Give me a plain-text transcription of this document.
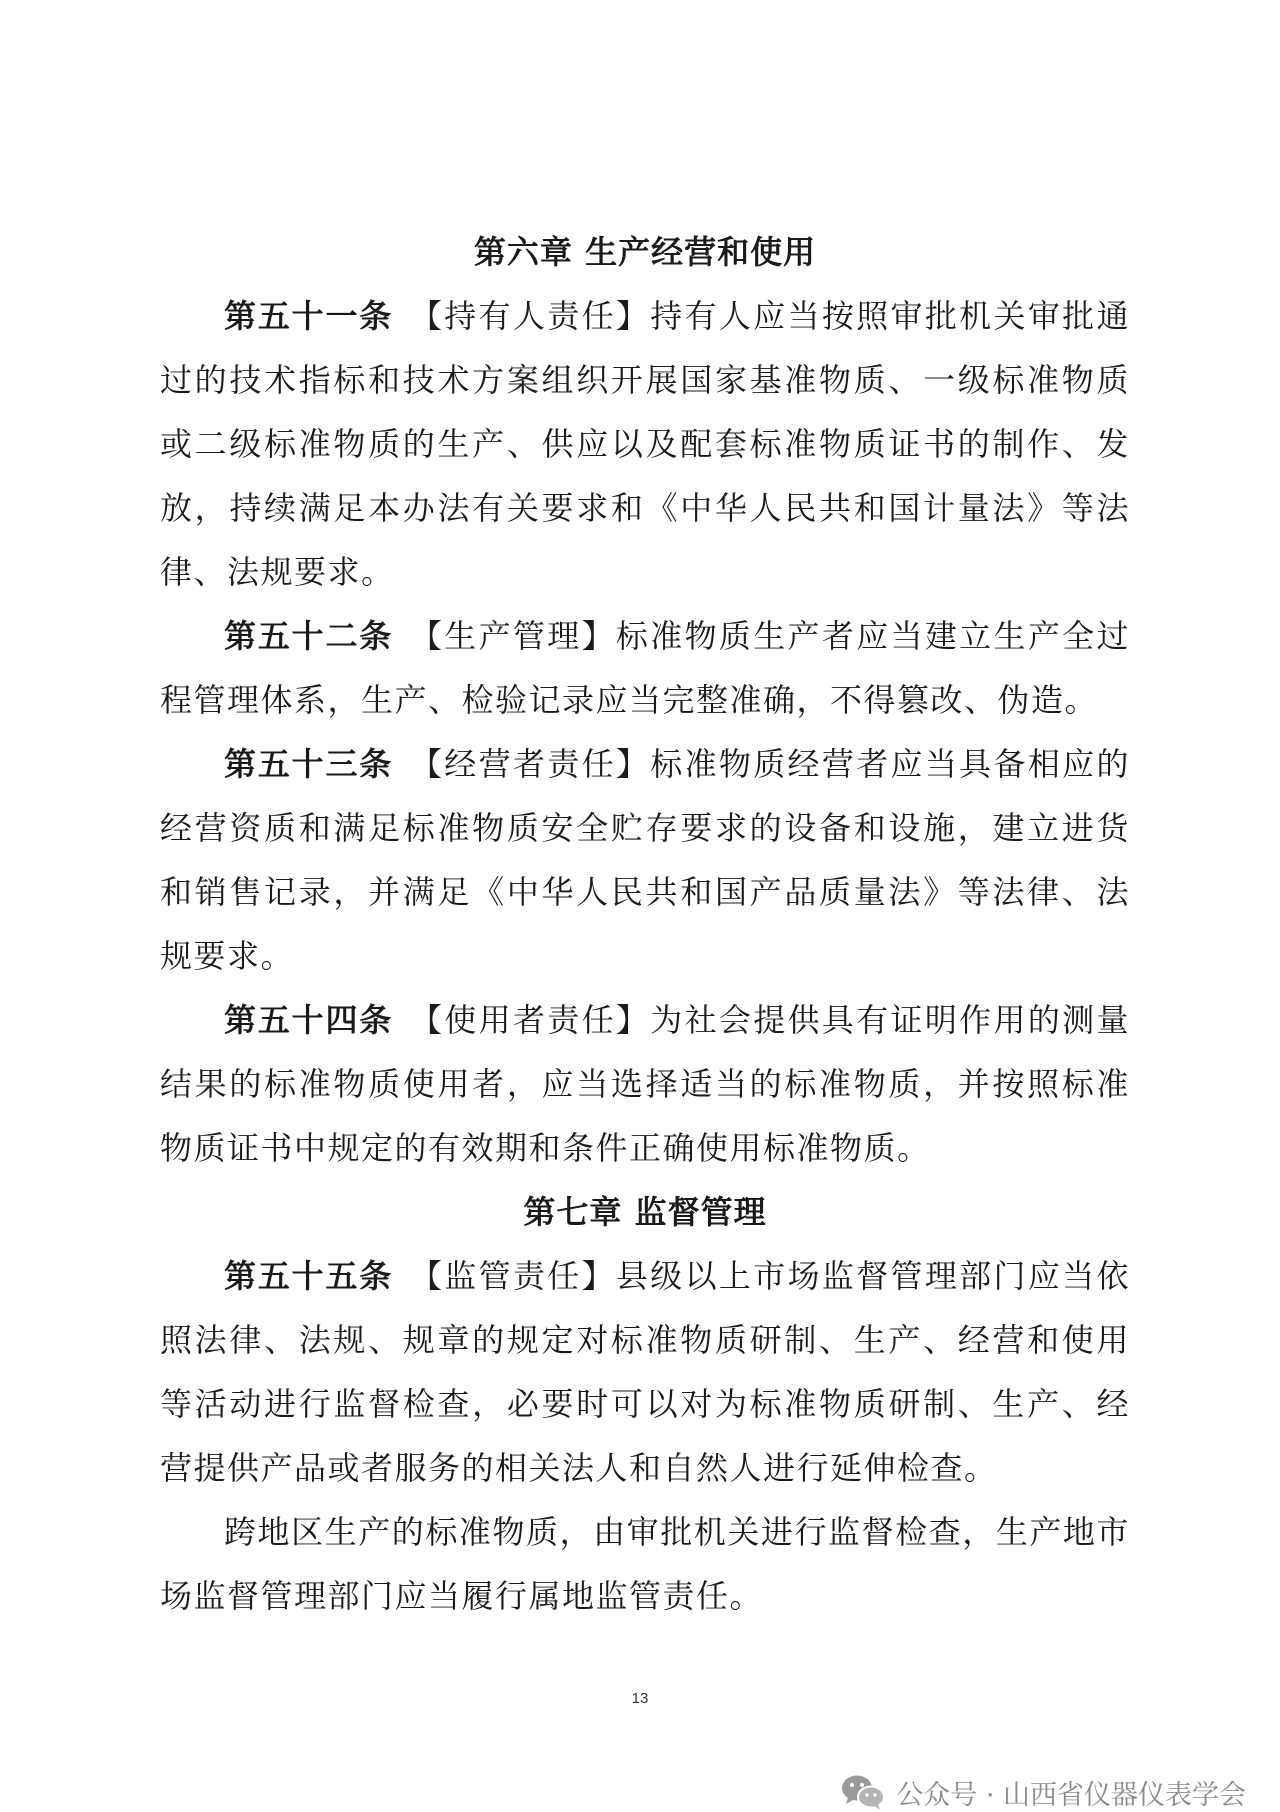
第六章 生产经营和使用

第五十一条 【持有人责任】持有人应当按照审批机关审批通过的技术指标和技术方案组织开展国家基准物质、一级标准物质或二级标准物质的生产、供应以及配套标准物质证书的制作、发放，持续满足本办法有关要求和《中华人民共和国计量法》等法律、法规要求。

第五十二条 【生产管理】标准物质生产者应当建立生产全过程管理体系，生产、检验记录应当完整准确，不得篡改、伪造。

第五十三条 【经营者责任】标准物质经营者应当具备相应的经营资质和满足标准物质安全贮存要求的设备和设施，建立进货和销售记录，并满足《中华人民共和国产品质量法》等法律、法规要求。

第五十四条 【使用者责任】为社会提供具有证明作用的测量结果的标准物质使用者，应当选择适当的标准物质，并按照标准物质证书中规定的有效期和条件正确使用标准物质。

第七章 监督管理

第五十五条 【监管责任】县级以上市场监督管理部门应当依照法律、法规、规章的规定对标准物质研制、生产、经营和使用等活动进行监督检查，必要时可以对为标准物质研制、生产、经营提供产品或者服务的相关法人和自然人进行延伸检查。

跨地区生产的标准物质，由审批机关进行监督检查，生产地市场监督管理部门应当履行属地监管责任。

13
公众号 · 山西省仪器仪表学会
